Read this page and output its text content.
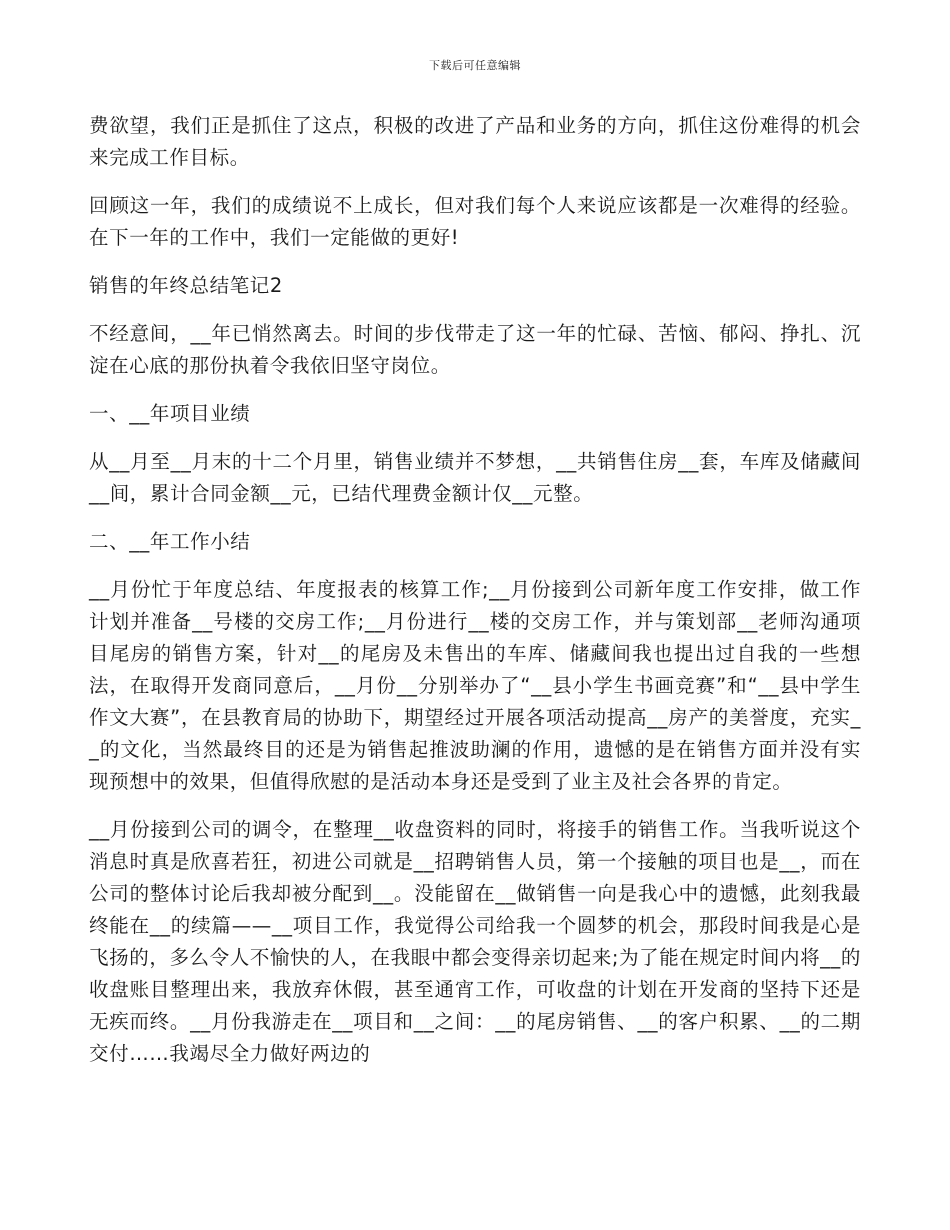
下载后可任意编辑

费欲望，我们正是抓住了这点，积极的改进了产品和业务的方向，抓住这份难得的机会来完成工作目标。

回顾这一年，我们的成绩说不上成长，但对我们每个人来说应该都是一次难得的经验。在下一年的工作中，我们一定能做的更好!

销售的年终总结笔记2

不经意间，__年已悄然离去。时间的步伐带走了这一年的忙碌、苦恼、郁闷、挣扎、沉淀在心底的那份执着令我依旧坚守岗位。

一、__年项目业绩

从__月至__月末的十二个月里，销售业绩并不梦想，__共销售住房__套，车库及储藏间__间，累计合同金额__元，已结代理费金额计仅__元整。

二、__年工作小结

__月份忙于年度总结、年度报表的核算工作;__月份接到公司新年度工作安排，做工作计划并准备__号楼的交房工作;__月份进行__楼的交房工作，并与策划部__老师沟通项目尾房的销售方案，针对__的尾房及未售出的车库、储藏间我也提出过自我的一些想法，在取得开发商同意后，__月份__分别举办了“__县小学生书画竞赛”和“__县中学生作文大赛”，在县教育局的协助下，期望经过开展各项活动提高__房产的美誉度，充实__的文化，当然最终目的还是为销售起推波助澜的作用，遗憾的是在销售方面并没有实现预想中的效果，但值得欣慰的是活动本身还是受到了业主及社会各界的肯定。

__月份接到公司的调令，在整理__收盘资料的同时，将接手的销售工作。当我听说这个消息时真是欣喜若狂，初进公司就是__招聘销售人员，第一个接触的项目也是__，而在公司的整体讨论后我却被分配到__。没能留在__做销售一向是我心中的遗憾，此刻我最终能在__的续篇——__项目工作，我觉得公司给我一个圆梦的机会，那段时间我是心是飞扬的，多么令人不愉快的人，在我眼中都会变得亲切起来;为了能在规定时间内将__的收盘账目整理出来，我放弃休假，甚至通宵工作，可收盘的计划在开发商的坚持下还是无疾而终。__月份我游走在__项目和__之间：__的尾房销售、__的客户积累、__的二期交付……我竭尽全力做好两边的
